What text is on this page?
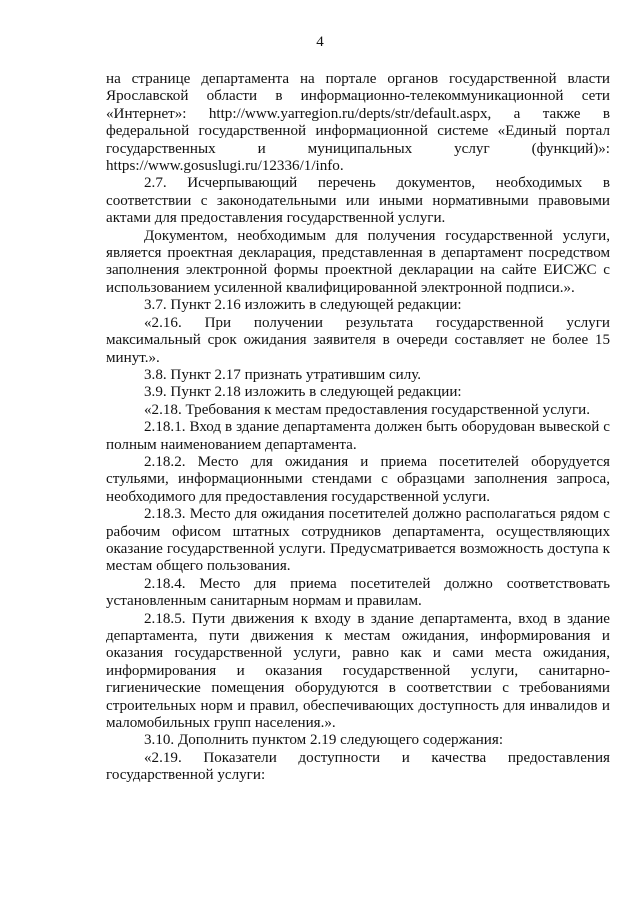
4

на странице департамента на портале органов государственной власти Ярославской области в информационно-телекоммуникационной сети «Интернет»: http://www.yarregion.ru/depts/str/default.aspx, а также в федеральной государственной информационной системе «Единый портал государственных и муниципальных услуг (функций)»: https://www.gosuslugi.ru/12336/1/info.

2.7. Исчерпывающий перечень документов, необходимых в соответствии с законодательными или иными нормативными правовыми актами для предоставления государственной услуги.

Документом, необходимым для получения государственной услуги, является проектная декларация, представленная в департамент посредством заполнения электронной формы проектной декларации на сайте ЕИСЖС с использованием усиленной квалифицированной электронной подписи.».

3.7. Пункт 2.16 изложить в следующей редакции:

«2.16. При получении результата государственной услуги максимальный срок ожидания заявителя в очереди составляет не более 15 минут.».

3.8. Пункт 2.17 признать утратившим силу.

3.9. Пункт 2.18 изложить в следующей редакции:

«2.18. Требования к местам предоставления государственной услуги.

2.18.1. Вход в здание департамента должен быть оборудован вывеской с полным наименованием департамента.

2.18.2. Место для ожидания и приема посетителей оборудуется стульями, информационными стендами с образцами заполнения запроса, необходимого для предоставления государственной услуги.

2.18.3. Место для ожидания посетителей должно располагаться рядом с рабочим офисом штатных сотрудников департамента, осуществляющих оказание государственной услуги. Предусматривается возможность доступа к местам общего пользования.

2.18.4. Место для приема посетителей должно соответствовать установленным санитарным нормам и правилам.

2.18.5. Пути движения к входу в здание департамента, вход в здание департамента, пути движения к местам ожидания, информирования и оказания государственной услуги, равно как и сами места ожидания, информирования и оказания государственной услуги, санитарно-гигиенические помещения оборудуются в соответствии с требованиями строительных норм и правил, обеспечивающих доступность для инвалидов и маломобильных групп населения.».

3.10. Дополнить пунктом 2.19 следующего содержания:

«2.19. Показатели доступности и качества предоставления государственной услуги:
